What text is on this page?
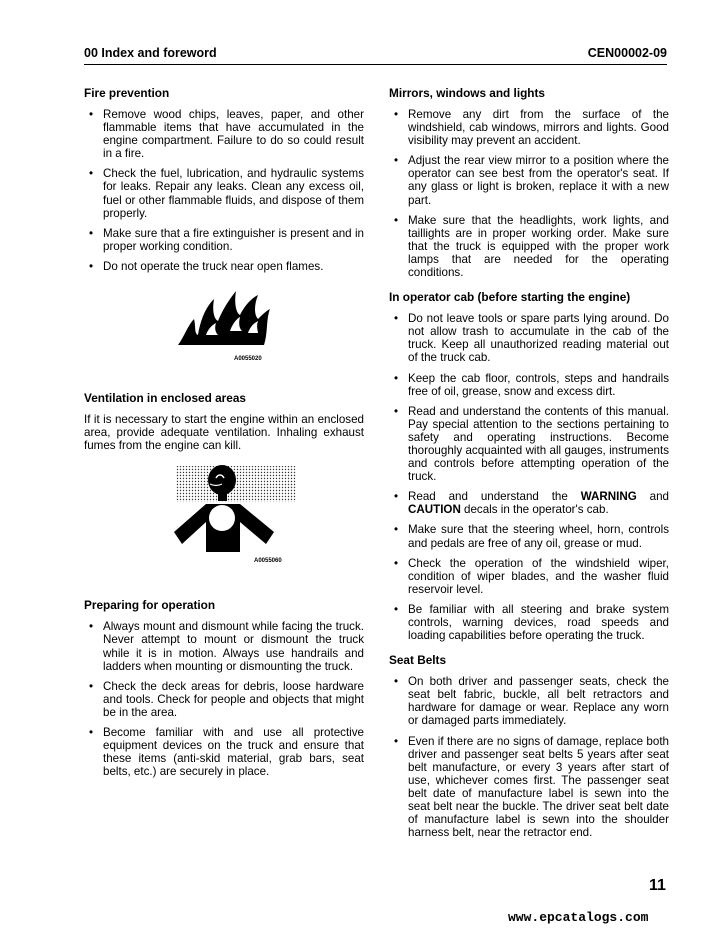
00 Index and foreword	CEN00002-09
Fire prevention
• Remove wood chips, leaves, paper, and other flammable items that have accumulated in the engine compartment. Failure to do so could result in a fire.
• Check the fuel, lubrication, and hydraulic systems for leaks. Repair any leaks. Clean any excess oil, fuel or other flammable fluids, and dispose of them properly.
• Make sure that a fire extinguisher is present and in proper working condition.
• Do not operate the truck near open flames.
A0055020
Ventilation in enclosed areas

If it is necessary to start the engine within an enclosed area, provide adequate ventilation. Inhaling exhaust fumes from the engine can kill.

A0055060
Preparing for operation
• Always mount and dismount while facing the truck. Never attempt to mount or dismount the truck while it is in motion. Always use handrails and ladders when mounting or dismounting the truck.
• Check the deck areas for debris, loose hardware and tools. Check for people and objects that might be in the area.
• Become familiar with and use all protective equipment devices on the truck and ensure that these items (anti-skid material, grab bars, seat belts, etc.) are securely in place.
Mirrors, windows and lights
• Remove any dirt from the surface of the windshield, cab windows, mirrors and lights. Good visibility may prevent an accident.
• Adjust the rear view mirror to a position where the operator can see best from the operator's seat. If any glass or light is broken, replace it with a new part.
• Make sure that the headlights, work lights, and taillights are in proper working order. Make sure that the truck is equipped with the proper work lamps that are needed for the operating conditions.
In operator cab (before starting the engine)
• Do not leave tools or spare parts lying around. Do not allow trash to accumulate in the cab of the truck. Keep all unauthorized reading material out of the truck cab.
• Keep the cab floor, controls, steps and handrails free of oil, grease, snow and excess dirt.
• Read and understand the contents of this manual. Pay special attention to the sections pertaining to safety and operating instructions. Become thoroughly acquainted with all gauges, instruments and controls before attempting operation of the truck.
• Read and understand the WARNING and CAUTION decals in the operator's cab.
• Make sure that the steering wheel, horn, controls and pedals are free of any oil, grease or mud.
• Check the operation of the windshield wiper, condition of wiper blades, and the washer fluid reservoir level.
• Be familiar with all steering and brake system controls, warning devices, road speeds and loading capabilities before operating the truck.
Seat Belts
• On both driver and passenger seats, check the seat belt fabric, buckle, all belt retractors and hardware for damage or wear. Replace any worn or damaged parts immediately.
• Even if there are no signs of damage, replace both driver and passenger seat belts 5 years after seat belt manufacture, or every 3 years after start of use, whichever comes first. The passenger seat belt date of manufacture label is sewn into the seat belt near the buckle. The driver seat belt date of manufacture label is sewn into the shoulder harness belt, near the retractor end.
11
www.epcatalogs.com
